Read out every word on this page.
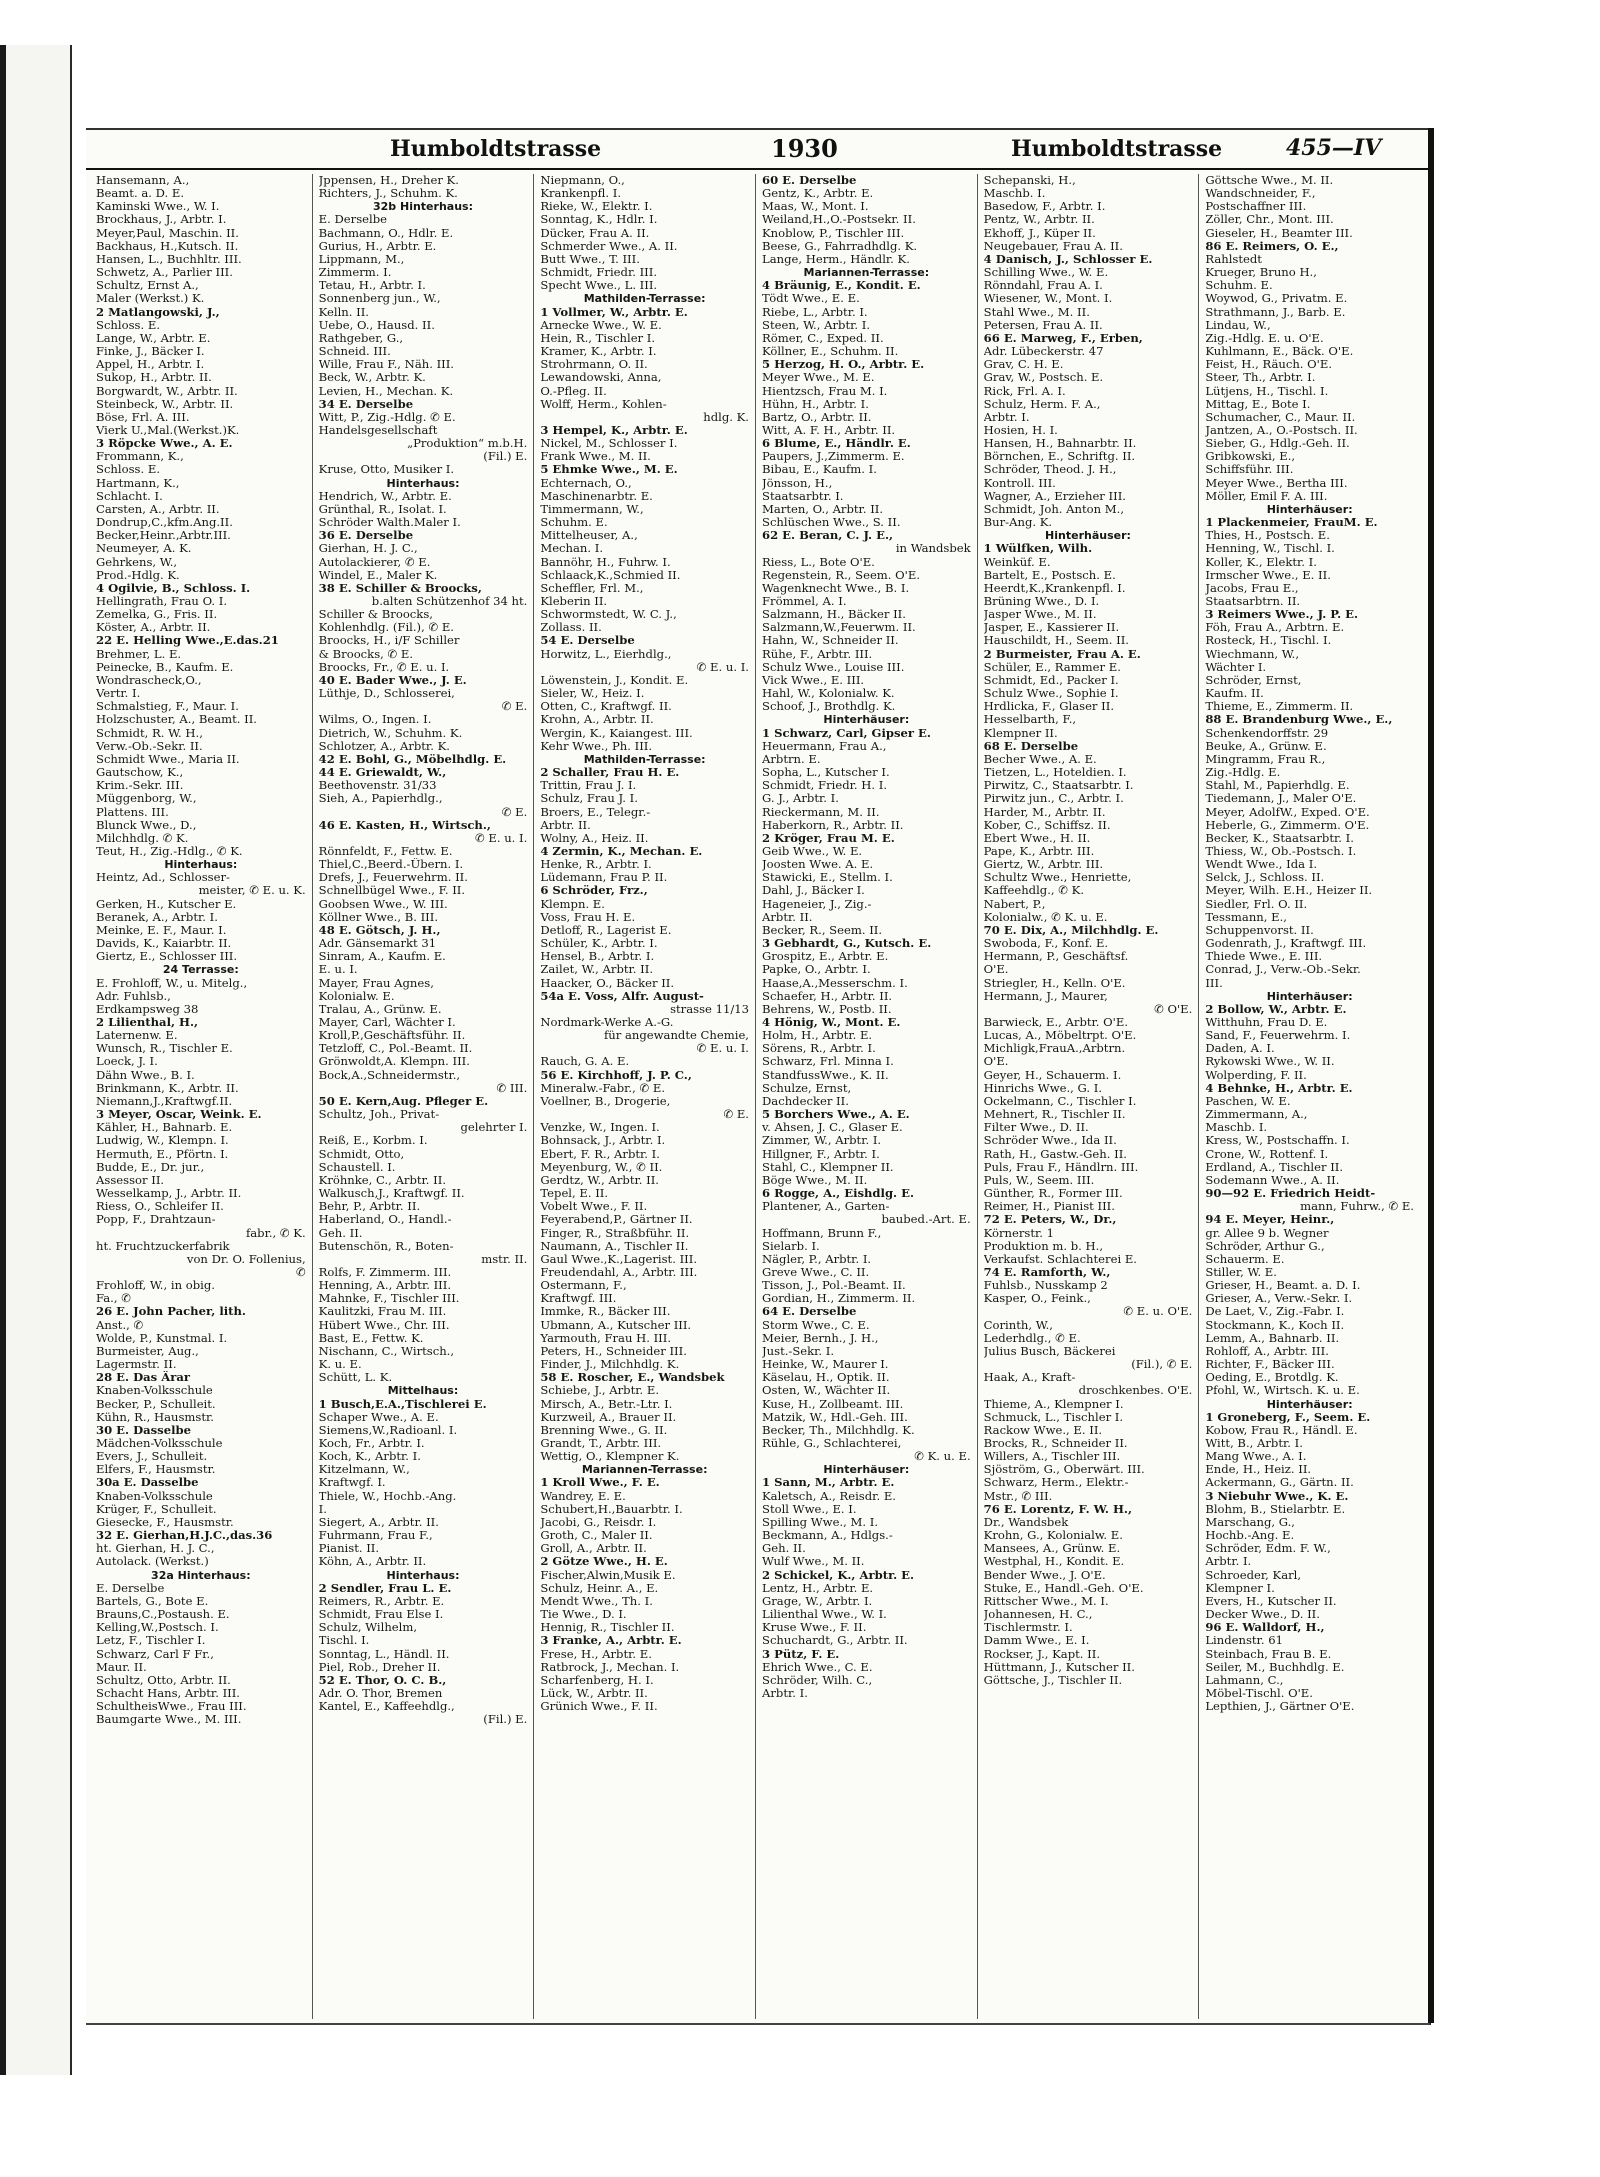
Humboldtstrasse	1930	Humboldtstrasse	455—IV
Hansemann, A.,
Beamt. a. D. E.
Kaminski Wwe., W. I.
Brockhaus, J., Arbtr. I.
Meyer,Paul, Maschin. II.
Backhaus, H.,Kutsch. II.
Hansen, L., Buchhltr. III.
Schwetz, A., Parlier III.
Schultz, Ernst A.,
Maler (Werkst.) K.
2 Matlangowski, J.,
Schloss. E.
Lange, W., Arbtr. E.
Finke, J., Bäcker I.
Appel, H., Arbtr. I.
Sukop, H., Arbtr. II.
Borgwardt, W., Arbtr. II.
Steinbeck, W., Arbtr. II.
Böse, Frl. A. III.
Vierk U.,Mal.(Werkst.)K.
3 Röpcke Wwe., A. E.
Frommann, K.,
Schloss. E.
Hartmann, K.,
Schlacht. I.
Carsten, A., Arbtr. II.
Dondrup,C.,kfm.Ang.II.
Becker,Heinr.,Arbtr.III.
Neumeyer, A. K.
Gehrkens, W.,
Prod.-Hdlg. K.
4 Ogilvie, B., Schloss. I.
Hellingrath, Frau O. I.
Zemelka, G., Fris. II.
Köster, A., Arbtr. II.
22 E. Helling Wwe.,E.das.21
Brehmer, L. E.
Peinecke, B., Kaufm. E.
Wondrascheck,O.,
Vertr. I.
Schmalstieg, F., Maur. I.
Holzschuster, A., Beamt. II.
Schmidt, R. W. H.,
Verw.-Ob.-Sekr. II.
Schmidt Wwe., Maria II.
Gautschow, K.,
Krim.-Sekr. III.
Müggenborg, W.,
Plattens. III.
Blunck Wwe., D.,
Milchhdlg. ✆ K.
Teut, H., Zig.-Hdlg., ✆ K.
Hinterhaus:
Heintz, Ad., Schlosser-
meister, ✆ E. u. K.
Gerken, H., Kutscher E.
Beranek, A., Arbtr. I.
Meinke, E. F., Maur. I.
Davids, K., Kaiarbtr. II.
Giertz, E., Schlosser III.
24 Terrasse:
E. Frohloff, W., u. Mitelg.,
Adr. Fuhlsb.,
Erdkampsweg 38
2 Lilienthal, H.,
Laternenw. E.
Wunsch, R., Tischler E.
Loeck, J. I.
Dähn Wwe., B. I.
Brinkmann, K., Arbtr. II.
Niemann,J.,Kraftwgf.II.
3 Meyer, Oscar, Weink. E.
Kähler, H., Bahnarb. E.
Ludwig, W., Klempn. I.
Hermuth, E., Pförtn. I.
Budde, E., Dr. jur.,
Assessor II.
Wesselkamp, J., Arbtr. II.
Riess, O., Schleifer II.
Popp, F., Drahtzaun-
fabr., ✆ K.
ht. Fruchtzuckerfabrik
von Dr. O. Follenius,
✆
Frohloff, W., in obig.
Fa., ✆
26 E. John Pacher, lith.
Anst., ✆
Wolde, P., Kunstmal. I.
Burmeister, Aug.,
Lagermstr. II.
28 E. Das Ärar
Knaben-Volksschule
Becker, P., Schulleit.
Kühn, R., Hausmstr.
30 E. Dasselbe
Mädchen-Volksschule
Evers, J., Schulleit.
Elfers, F., Hausmstr.
30a E. Dasselbe
Knaben-Volksschule
Krüger, F., Schulleit.
Giesecke, F., Hausmstr.
32 E. Gierhan,H.J.C.,das.36
ht. Gierhan, H. J. C.,
Autolack. (Werkst.)
32a Hinterhaus:
E. Derselbe
Bartels, G., Bote E.
Brauns,C.,Postaush. E.
Kelling,W.,Postsch. I.
Letz, F., Tischler I.
Schwarz, Carl F Fr.,
Maur. II.
Schultz, Otto, Arbtr. II.
Schacht Hans, Arbtr. III.
SchultheisWwe., Frau III.
Baumgarte Wwe., M. III.
Jppensen, H., Dreher K.
Richters, J., Schuhm. K.
32b Hinterhaus:
E. Derselbe
Bachmann, O., Hdlr. E.
Gurius, H., Arbtr. E.
Lippmann, M.,
Zimmerm. I.
Tetau, H., Arbtr. I.
Sonnenberg jun., W.,
Kelln. II.
Uebe, O., Hausd. II.
Rathgeber, G.,
Schneid. III.
Wille, Frau F., Näh. III.
Beck, W., Arbtr. K.
Levien, H., Mechan. K.
34 E. Derselbe
Witt, P., Zig.-Hdlg. ✆ E.
Handelsgesellschaft
„Produktion“ m.b.H.
(Fil.) E.
Kruse, Otto, Musiker I.
Hinterhaus:
Hendrich, W., Arbtr. E.
Grünthal, R., Isolat. I.
Schröder Walth.Maler I.
36 E. Derselbe
Gierhan, H. J. C.,
Autolackierer, ✆ E.
Windel, E., Maler K.
38 E. Schiller & Broocks,
b.alten Schützenhof 34 ht.
Schiller & Broocks,
Kohlenhdlg. (Fil.), ✆ E.
Broocks, H., i/F Schiller
& Broocks, ✆ E.
Broocks, Fr., ✆ E. u. I.
40 E. Bader Wwe., J. E.
Lüthje, D., Schlosserei,
✆ E.
Wilms, O., Ingen. I.
Dietrich, W., Schuhm. K.
Schlotzer, A., Arbtr. K.
42 E. Bohl, G., Möbelhdlg. E.
44 E. Griewaldt, W.,
Beethovenstr. 31/33
Sieh, A., Papierhdlg.,
✆ E.
46 E. Kasten, H., Wirtsch.,
✆ E. u. I.
Rönnfeldt, F., Fettw. E.
Thiel,C.,Beerd.-Übern. I.
Drefs, J., Feuerwehrm. II.
Schnellbügel Wwe., F. II.
Goobsen Wwe., W. III.
Köllner Wwe., B. III.
48 E. Götsch, J. H.,
Adr. Gänsemarkt 31
Sinram, A., Kaufm. E.
E. u. I.
Mayer, Frau Agnes,
Kolonialw. E.
Tralau, A., Grünw. E.
Mayer, Carl, Wächter I.
Kroll,P.,Geschäftsführ. II.
Tetzloff, C., Pol.-Beamt. II.
Grönwoldt,A. Klempn. III.
Bock,A.,Schneidermstr.,
✆ III.
50 E. Kern,Aug. Pfleger E.
Schultz, Joh., Privat-
gelehrter I.
Reiß, E., Korbm. I.
Schmidt, Otto,
Schaustell. I.
Kröhnke, C., Arbtr. II.
Walkusch,J., Kraftwgf. II.
Behr, P., Arbtr. II.
Haberland, O., Handl.-
Geh. II.
Butenschön, R., Boten-
mstr. II.
Rolfs, F. Zimmerm. III.
Henning, A., Arbtr. III.
Mahnke, F., Tischler III.
Kaulitzki, Frau M. III.
Hübert Wwe., Chr. III.
Bast, E., Fettw. K.
Nischann, C., Wirtsch.,
K. u. E.
Schütt, L. K.
Mittelhaus:
1 Busch,E.A.,Tischlerei E.
Schaper Wwe., A. E.
Siemens,W.,Radioanl. I.
Koch, Fr., Arbtr. I.
Koch, K., Arbtr. I.
Kitzelmann, W.,
Kraftwgf. I.
Thiele, W., Hochb.-Ang.
I.
Siegert, A., Arbtr. II.
Fuhrmann, Frau F.,
Pianist. II.
Köhn, A., Arbtr. II.
Hinterhaus:
2 Sendler, Frau L. E.
Reimers, R., Arbtr. E.
Schmidt, Frau Else I.
Schulz, Wilhelm,
Tischl. I.
Sonntag, L., Händl. II.
Piel, Rob., Dreher II.
52 E. Thor, O. C. B.,
Adr. O. Thor, Bremen
Kantel, E., Kaffeehdlg.,
(Fil.) E.
Niepmann, O.,
Krankenpfl. I.
Rieke, W., Elektr. I.
Sonntag, K., Hdlr. I.
Dücker, Frau A. II.
Schmerder Wwe., A. II.
Butt Wwe., T. III.
Schmidt, Friedr. III.
Specht Wwe., L. III.
Mathilden-Terrasse:
1 Vollmer, W., Arbtr. E.
Arnecke Wwe., W. E.
Hein, R., Tischler I.
Kramer, K., Arbtr. I.
Strohrmann, O. II.
Lewandowski, Anna,
O.-Pfleg. II.
Wolff, Herm., Kohlen-
hdlg. K.
3 Hempel, K., Arbtr. E.
Nickel, M., Schlosser I.
Frank Wwe., M. II.
5 Ehmke Wwe., M. E.
Echternach, O.,
Maschinenarbtr. E.
Timmermann, W.,
Schuhm. E.
Mittelheuser, A.,
Mechan. I.
Bannöhr, H., Fuhrw. I.
Schlaack,K.,Schmied II.
Scheffler, Frl. M.,
Kleberin II.
Schwormstedt, W. C. J.,
Zollass. II.
54 E. Derselbe
Horwitz, L., Eierhdlg.,
✆ E. u. I.
Löwenstein, J., Kondit. E.
Sieler, W., Heiz. I.
Otten, C., Kraftwgf. II.
Krohn, A., Arbtr. II.
Wergin, K., Kaiangest. III.
Kehr Wwe., Ph. III.
Mathilden-Terrasse:
2 Schaller, Frau H. E.
Trittin, Frau J. I.
Schulz, Frau J. I.
Broers, E., Telegr.-
Arbtr. II.
Wolny, A., Heiz. II.
4 Zermin, K., Mechan. E.
Henke, R., Arbtr. I.
Lüdemann, Frau P. II.
6 Schröder, Frz.,
Klempn. E.
Voss, Frau H. E.
Detloff, R., Lagerist E.
Schüler, K., Arbtr. I.
Hensel, B., Arbtr. I.
Zailet, W., Arbtr. II.
Haacker, O., Bäcker II.
54a E. Voss, Alfr. August-
strasse 11/13
Nordmark-Werke A.-G.
für angewandte Chemie,
✆ E. u. I.
Rauch, G. A. E.
56 E. Kirchhoff, J. P. C.,
Mineralw.-Fabr., ✆ E.
Voellner, B., Drogerie,
✆ E.
Venzke, W., Ingen. I.
Bohnsack, J., Arbtr. I.
Ebert, F. R., Arbtr. I.
Meyenburg, W., ✆ II.
Gerdtz, W., Arbtr. II.
Tepel, E. II.
Vobelt Wwe., F. II.
Feyerabend,P., Gärtner II.
Finger, R., Straßbführ. II.
Naumann, A., Tischler II.
Gaul Wwe.,K.,Lagerist. III.
Freudendahl, A., Arbtr. III.
Ostermann, F.,
Kraftwgf. III.
Immke, R., Bäcker III.
Ubmann, A., Kutscher III.
Yarmouth, Frau H. III.
Peters, H., Schneider III.
Finder, J., Milchhdlg. K.
58 E. Roscher, E., Wandsbek
Schiebe, J., Arbtr. E.
Mirsch, A., Betr.-Ltr. I.
Kurzweil, A., Brauer II.
Brenning Wwe., G. II.
Grandt, T., Arbtr. III.
Wettig, O., Klempner K.
Mariannen-Terrasse:
1 Kroll Wwe., F. E.
Wandrey, E. E.
Schubert,H.,Bauarbtr. I.
Jacobi, G., Reisdr. I.
Groth, C., Maler II.
Groll, A., Arbtr. II.
2 Götze Wwe., H. E.
Fischer,Alwin,Musik E.
Schulz, Heinr. A., E.
Mendt Wwe., Th. I.
Tie Wwe., D. I.
Hennig, R., Tischler II.
3 Franke, A., Arbtr. E.
Frese, H., Arbtr. E.
Ratbrock, J., Mechan. I.
Scharfenberg, H. I.
Lück, W., Arbtr. II.
Grünich Wwe., F. II.
60 E. Derselbe
Gentz, K., Arbtr. E.
Maas, W., Mont. I.
Weiland,H.,O.-Postsekr. II.
Knoblow, P., Tischler III.
Beese, G., Fahrradhdlg. K.
Lange, Herm., Händlr. K.
Mariannen-Terrasse:
4 Bräunig, E., Kondit. E.
Tödt Wwe., E. E.
Riebe, L., Arbtr. I.
Steen, W., Arbtr. I.
Römer, C., Exped. II.
Köllner, E., Schuhm. II.
5 Herzog, H. O., Arbtr. E.
Meyer Wwe., M. E.
Hientzsch, Frau M. I.
Hühn, H., Arbtr. I.
Bartz, O., Arbtr. II.
Witt, A. F. H., Arbtr. II.
6 Blume, E., Händlr. E.
Paupers, J.,Zimmerm. E.
Bibau, E., Kaufm. I.
Jönsson, H.,
Staatsarbtr. I.
Marten, O., Arbtr. II.
Schlüschen Wwe., S. II.
62 E. Beran, C. J. E.,
in Wandsbek
Riess, L., Bote O'E.
Regenstein, R., Seem. O'E.
Wagenknecht Wwe., B. I.
Frömmel, A. I.
Salzmann, H., Bäcker II.
Salzmann,W.,Feuerwm. II.
Hahn, W., Schneider II.
Rühe, F., Arbtr. III.
Schulz Wwe., Louise III.
Vick Wwe., E. III.
Hahl, W., Kolonialw. K.
Schoof, J., Brothdlg. K.
Hinterhäuser:
1 Schwarz, Carl, Gipser E.
Heuermann, Frau A.,
Arbtrn. E.
Sopha, L., Kutscher I.
Schmidt, Friedr. H. I.
G. J., Arbtr. I.
Rieckermann, M. II.
Haberkorn, R., Arbtr. II.
2 Kröger, Frau M. E.
Geib Wwe., W. E.
Joosten Wwe. A. E.
Stawicki, E., Stellm. I.
Dahl, J., Bäcker I.
Hageneier, J., Zig.-
Arbtr. II.
Becker, R., Seem. II.
3 Gebhardt, G., Kutsch. E.
Grospitz, E., Arbtr. E.
Papke, O., Arbtr. I.
Haase,A.,Messerschm. I.
Schaefer, H., Arbtr. II.
Behrens, W., Postb. II.
4 Hönig, W., Mont. E.
Holm, H., Arbtr. E.
Sörens, R., Arbtr. I.
Schwarz, Frl. Minna I.
StandfussWwe., K. II.
Schulze, Ernst,
Dachdecker II.
5 Borchers Wwe., A. E.
v. Ahsen, J. C., Glaser E.
Zimmer, W., Arbtr. I.
Hillgner, F., Arbtr. I.
Stahl, C., Klempner II.
Böge Wwe., M. II.
6 Rogge, A., Eishdlg. E.
Plantener, A., Garten-
baubed.-Art. E.
Hoffmann, Brunn F.,
Sielarb. I.
Nägler, P., Arbtr. I.
Greve Wwe., C. II.
Tisson, J., Pol.-Beamt. II.
Gordian, H., Zimmerm. II.
64 E. Derselbe
Storm Wwe., C. E.
Meier, Bernh., J. H.,
Just.-Sekr. I.
Heinke, W., Maurer I.
Käselau, H., Optik. II.
Osten, W., Wächter II.
Kuse, H., Zollbeamt. III.
Matzik, W., Hdl.-Geh. III.
Becker, Th., Milchhdlg. K.
Rühle, G., Schlachterei,
✆ K. u. E.
Hinterhäuser:
1 Sann, M., Arbtr. E.
Kaletsch, A., Reisdr. E.
Stoll Wwe., E. I.
Spilling Wwe., M. I.
Beckmann, A., Hdlgs.-
Geh. II.
Wulf Wwe., M. II.
2 Schickel, K., Arbtr. E.
Lentz, H., Arbtr. E.
Grage, W., Arbtr. I.
Lilienthal Wwe., W. I.
Kruse Wwe., F. II.
Schuchardt, G., Arbtr. II.
3 Pütz, F. E.
Ehrich Wwe., C. E.
Schröder, Wilh. C.,
Arbtr. I.
Schepanski, H.,
Maschb. I.
Basedow, F., Arbtr. I.
Pentz, W., Arbtr. II.
Ekhoff, J., Küper II.
Neugebauer, Frau A. II.
4 Danisch, J., Schlosser E.
Schilling Wwe., W. E.
Rönndahl, Frau A. I.
Wiesener, W., Mont. I.
Stahl Wwe., M. II.
Petersen, Frau A. II.
66 E. Marweg, F., Erben,
Adr. Lübeckerstr. 47
Grav, C. H. E.
Grav, W., Postsch. E.
Rick, Frl. A. I.
Schulz, Herm. F. A.,
Arbtr. I.
Hosien, H. I.
Hansen, H., Bahnarbtr. II.
Börnchen, E., Schriftg. II.
Schröder, Theod. J. H.,
Kontroll. III.
Wagner, A., Erzieher III.
Schmidt, Joh. Anton M.,
Bur-Ang. K.
Hinterhäuser:
1 Wülfken, Wilh.
Weinküf. E.
Bartelt, E., Postsch. E.
Heerdt,K.,Krankenpfl. I.
Brüning Wwe., D. I.
Jasper Wwe., M. II.
Jasper, E., Kassierer II.
Hauschildt, H., Seem. II.
2 Burmeister, Frau A. E.
Schüler, E., Rammer E.
Schmidt, Ed., Packer I.
Schulz Wwe., Sophie I.
Hrdlicka, F., Glaser II.
Hesselbarth, F.,
Klempner II.
68 E. Derselbe
Becher Wwe., A. E.
Tietzen, L., Hoteldien. I.
Pirwitz, C., Staatsarbtr. I.
Pirwitz jun., C., Arbtr. I.
Harder, M., Arbtr. II.
Kober, C., Schiffsz. II.
Ebert Wwe., H. II.
Pape, K., Arbtr. III.
Giertz, W., Arbtr. III.
Schultz Wwe., Henriette,
Kaffeehdlg., ✆ K.
Nabert, P.,
Kolonialw., ✆ K. u. E.
70 E. Dix, A., Milchhdlg. E.
Swoboda, F., Konf. E.
Hermann, P., Geschäftsf.
O'E.
Striegler, H., Kelln. O'E.
Hermann, J., Maurer,
✆ O'E.
Barwieck, E., Arbtr. O'E.
Lucas, A., Möbeltrpt. O'E.
Michligk,FrauA.,Arbtrn.
O'E.
Geyer, H., Schauerm. I.
Hinrichs Wwe., G. I.
Ockelmann, C., Tischler I.
Mehnert, R., Tischler II.
Filter Wwe., D. II.
Schröder Wwe., Ida II.
Rath, H., Gastw.-Geh. II.
Puls, Frau F., Händlrn. III.
Puls, W., Seem. III.
Günther, R., Former III.
Reimer, H., Pianist III.
72 E. Peters, W., Dr.,
Körnerstr. 1
Produktion m. b. H.,
Verkaufst. Schlachterei E.
74 E. Ramforth, W.,
Fuhlsb., Nusskamp 2
Kasper, O., Feink.,
✆ E. u. O'E.
Corinth, W.,
Lederhdlg., ✆ E.
Julius Busch, Bäckerei
(Fil.), ✆ E.
Haak, A., Kraft-
droschkenbes. O'E.
Thieme, A., Klempner I.
Schmuck, L., Tischler I.
Rackow Wwe., E. II.
Brocks, R., Schneider II.
Willers, A., Tischler III.
Sjöström, G., Oberwärt. III.
Schwarz, Herm., Elektr.-
Mstr., ✆ III.
76 E. Lorentz, F. W. H.,
Dr., Wandsbek
Krohn, G., Kolonialw. E.
Mansees, A., Grünw. E.
Westphal, H., Kondit. E.
Bender Wwe., J. O'E.
Stuke, E., Handl.-Geh. O'E.
Rittscher Wwe., M. I.
Johannesen, H. C.,
Tischlermstr. I.
Damm Wwe., E. I.
Rockser, J., Kapt. II.
Hüttmann, J., Kutscher II.
Göttsche, J., Tischler II.
Göttsche Wwe., M. II.
Wandschneider, F.,
Postschaffner III.
Zöller, Chr., Mont. III.
Gieseler, H., Beamter III.
86 E. Reimers, O. E.,
Rahlstedt
Krueger, Bruno H.,
Schuhm. E.
Woywod, G., Privatm. E.
Strathmann, J., Barb. E.
Lindau, W.,
Zig.-Hdlg. E. u. O'E.
Kuhlmann, E., Bäck. O'E.
Feist, H., Räuch. O'E.
Steer, Th., Arbtr. I.
Lütjens, H., Tischl. I.
Mittag, E., Bote I.
Schumacher, C., Maur. II.
Jantzen, A., O.-Postsch. II.
Sieber, G., Hdlg.-Geh. II.
Gribkowski, E.,
Schiffsführ. III.
Meyer Wwe., Bertha III.
Möller, Emil F. A. III.
Hinterhäuser:
1 Plackenmeier, FrauM. E.
Thies, H., Postsch. E.
Henning, W., Tischl. I.
Koller, K., Elektr. I.
Irmscher Wwe., E. II.
Jacobs, Frau E.,
Staatsarbtrn. II.
3 Reimers Wwe., J. P. E.
Föh, Frau A., Arbtrn. E.
Rosteck, H., Tischl. I.
Wiechmann, W.,
Wächter I.
Schröder, Ernst,
Kaufm. II.
Thieme, E., Zimmerm. II.
88 E. Brandenburg Wwe., E.,
Schenkendorffstr. 29
Beuke, A., Grünw. E.
Mingramm, Frau R.,
Zig.-Hdlg. E.
Stahl, M., Papierhdlg. E.
Tiedemann, J., Maler O'E.
Meyer, AdolfW., Exped. O'E.
Heberle, G., Zimmerm. O'E.
Becker, K., Staatsarbtr. I.
Thiess, W., Ob.-Postsch. I.
Wendt Wwe., Ida I.
Selck, J., Schloss. II.
Meyer, Wilh. E.H., Heizer II.
Siedler, Frl. O. II.
Tessmann, E.,
Schuppenvorst. II.
Godenrath, J., Kraftwgf. III.
Thiede Wwe., E. III.
Conrad, J., Verw.-Ob.-Sekr.
III.
Hinterhäuser:
2 Bollow, W., Arbtr. E.
Witthuhn, Frau D. E.
Sand, F., Feuerwehrm. I.
Daden, A. I.
Rykowski Wwe., W. II.
Wolperding, F. II.
4 Behnke, H., Arbtr. E.
Paschen, W. E.
Zimmermann, A.,
Maschb. I.
Kress, W., Postschaffn. I.
Crone, W., Rottenf. I.
Erdland, A., Tischler II.
Sodemann Wwe., A. II.
90—92 E. Friedrich Heidt-
mann, Fuhrw., ✆ E.
94 E. Meyer, Heinr.,
gr. Allee 9 b. Wegner
Schröder, Arthur G.,
Schauerm. E.
Stiller, W. E.
Grieser, H., Beamt. a. D. I.
Grieser, A., Verw.-Sekr. I.
De Laet, V., Zig.-Fabr. I.
Stockmann, K., Koch II.
Lemm, A., Bahnarb. II.
Rohloff, A., Arbtr. III.
Richter, F., Bäcker III.
Oeding, E., Brotdlg. K.
Pfohl, W., Wirtsch. K. u. E.
Hinterhäuser:
1 Groneberg, F., Seem. E.
Kobow, Frau R., Händl. E.
Witt, B., Arbtr. I.
Mang Wwe., A. I.
Ende, H., Heiz. II.
Ackermann, G., Gärtn. II.
3 Niebuhr Wwe., K. E.
Blohm, B., Stielarbtr. E.
Marschang, G.,
Hochb.-Ang. E.
Schröder, Edm. F. W.,
Arbtr. I.
Schroeder, Karl,
Klempner I.
Evers, H., Kutscher II.
Decker Wwe., D. II.
96 E. Walldorf, H.,
Lindenstr. 61
Steinbach, Frau B. E.
Seiler, M., Buchhdlg. E.
Lahmann, C.,
Möbel-Tischl. O'E.
Lepthien, J., Gärtner O'E.
